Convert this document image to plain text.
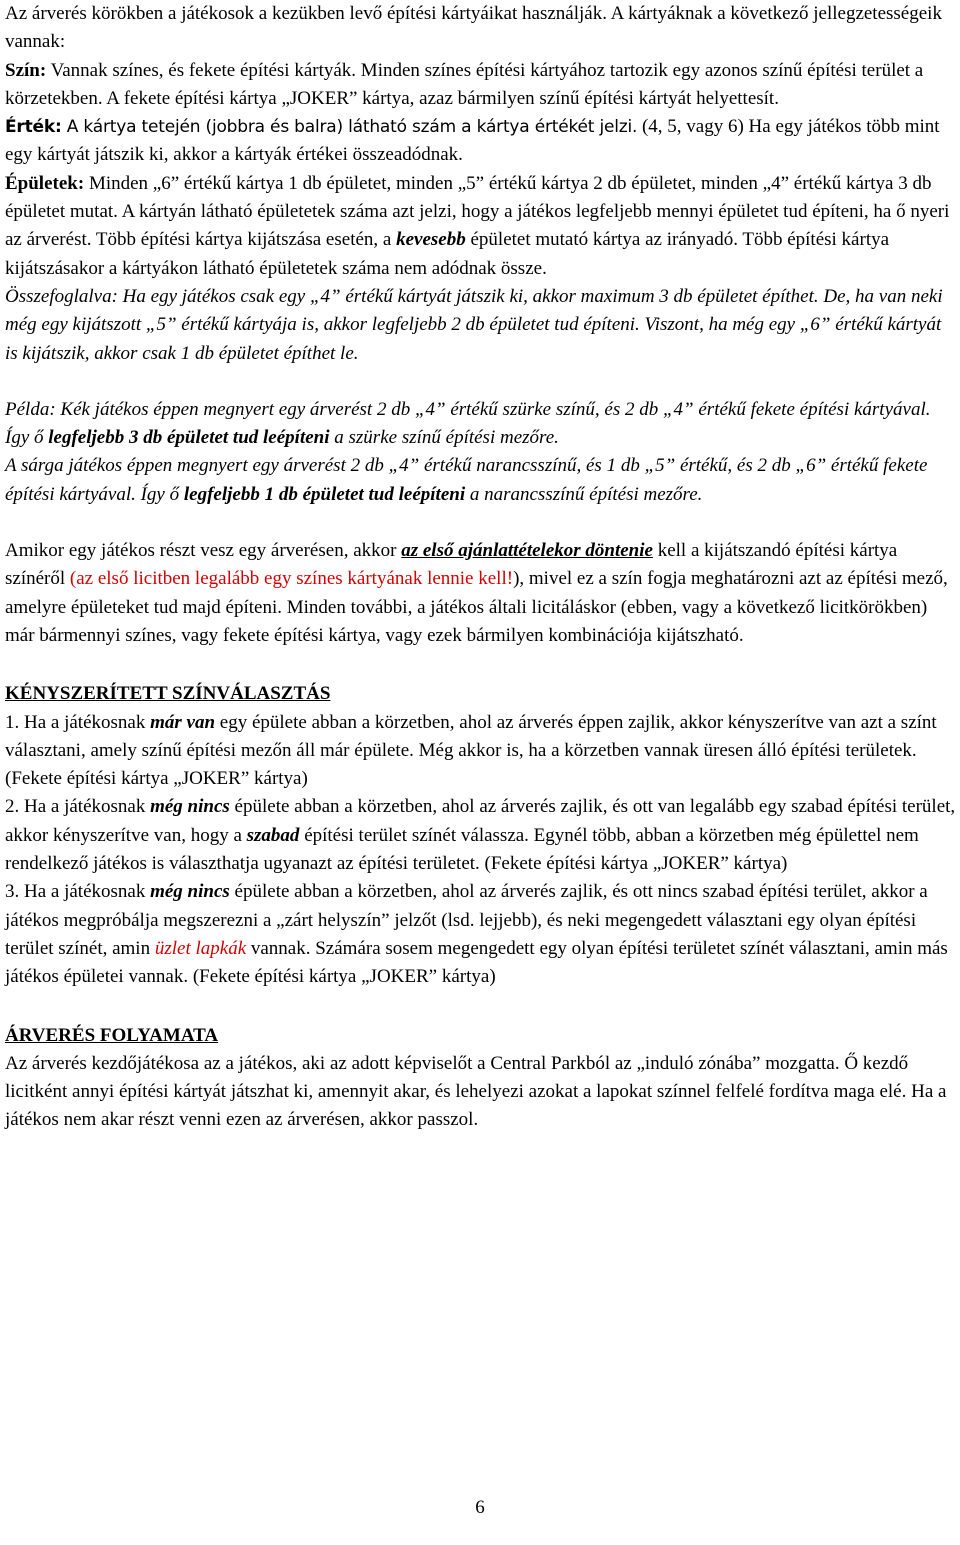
Az árverés körökben a játékosok a kezükben levő építési kártyáikat használják. A kártyáknak a következő jellegzetességeik vannak:
Szín: Vannak színes, és fekete építési kártyák. Minden színes építési kártyához tartozik egy azonos színű építési terület a körzetekben. A fekete építési kártya „JOKER” kártya, azaz bármilyen színű építési kártyát helyettesít.

Érték: A kártya tetején (jobbra és balra) látható szám a kártya értékét jelzi. (4, 5, vagy 6) Ha egy játékos több mint egy kártyát játszik ki, akkor a kártyák értékei összeadódnak.

Épületek: Minden „6” értékű kártya 1 db épületet, minden „5” értékű kártya 2 db épületet, minden „4” értékű kártya 3 db épületet mutat. A kártyán látható épületetek száma azt jelzi, hogy a játékos legfeljebb mennyi épületet tud építeni, ha ő nyeri az árverést. Több építési kártya kijátszása esetén, a kevesebb épületet mutató kártya az irányadó. Több építési kártya kijátszásakor a kártyákon látható épületetek száma nem adódnak össze.

Összefoglalva: Ha egy játékos csak egy „4” értékű kártyát játszik ki, akkor maximum 3 db épületet építhet. De, ha van neki még egy kijátszott „5” értékű kártyája is, akkor legfeljebb 2 db épületet tud építeni. Viszont, ha még egy „6” értékű kártyát is kijátszik, akkor csak 1 db épületet építhet le.

Példa: Kék játékos éppen megnyert egy árverést 2 db „4” értékű szürke színű, és 2 db „4” értékű fekete építési kártyával. Így ő legfeljebb 3 db épületet tud leépíteni a szürke színű építési mezőre.

A sárga játékos éppen megnyert egy árverést 2 db „4” értékű narancsszínű, és 1 db „5” értékű, és 2 db „6” értékű fekete építési kártyával. Így ő legfeljebb 1 db épületet tud leépíteni a narancsszínű építési mezőre.

Amikor egy játékos részt vesz egy árverésen, akkor az első ajánlattételekor döntenie kell a kijátszandó építési kártya színéről (az első licitben legalább egy színes kártyának lennie kell!), mivel ez a szín fogja meghatározni azt az építési mező, amelyre épületeket tud majd építeni. Minden további, a játékos általi licitáláskor (ebben, vagy a következő licitkörökben) már bármennyi színes, vagy fekete építési kártya, vagy ezek bármilyen kombinációja kijátszható.

KÉNYSZERÍTETT SZÍNVÁLASZTÁS

1. Ha a játékosnak már van egy épülete abban a körzetben, ahol az árverés éppen zajlik, akkor kényszerítve van azt a színt választani, amely színű építési mezőn áll már épülete. Még akkor is, ha a körzetben vannak üresen álló építési területek. (Fekete építési kártya „JOKER” kártya)

2. Ha a játékosnak még nincs épülete abban a körzetben, ahol az árverés zajlik, és ott van legalább egy szabad építési terület, akkor kényszerítve van, hogy a szabad építési terület színét válassza. Egynél több, abban a körzetben még épülettel nem rendelkező játékos is választhatja ugyanazt az építési területet. (Fekete építési kártya „JOKER” kártya)

3. Ha a játékosnak még nincs épülete abban a körzetben, ahol az árverés zajlik, és ott nincs szabad építési terület, akkor a játékos megpróbálja megszerezni a „zárt helyszín” jelzőt (lsd. lejjebb), és neki megengedett választani egy olyan építési terület színét, amin üzlet lapkák vannak. Számára sosem megengedett egy olyan építési területet színét választani, amin más játékos épületei vannak. (Fekete építési kártya „JOKER” kártya)

ÁRVERÉS FOLYAMATA

Az árverés kezdőjátékosa az a játékos, aki az adott képviselőt a Central Parkból az „induló zónába” mozgatta. Ő kezdő licitként annyi építési kártyát játszhat ki, amennyit akar, és lehelyezi azokat a lapokat színnel felfelé fordítva maga elé. Ha a játékos nem akar részt venni ezen az árverésen, akkor passzol.

6
